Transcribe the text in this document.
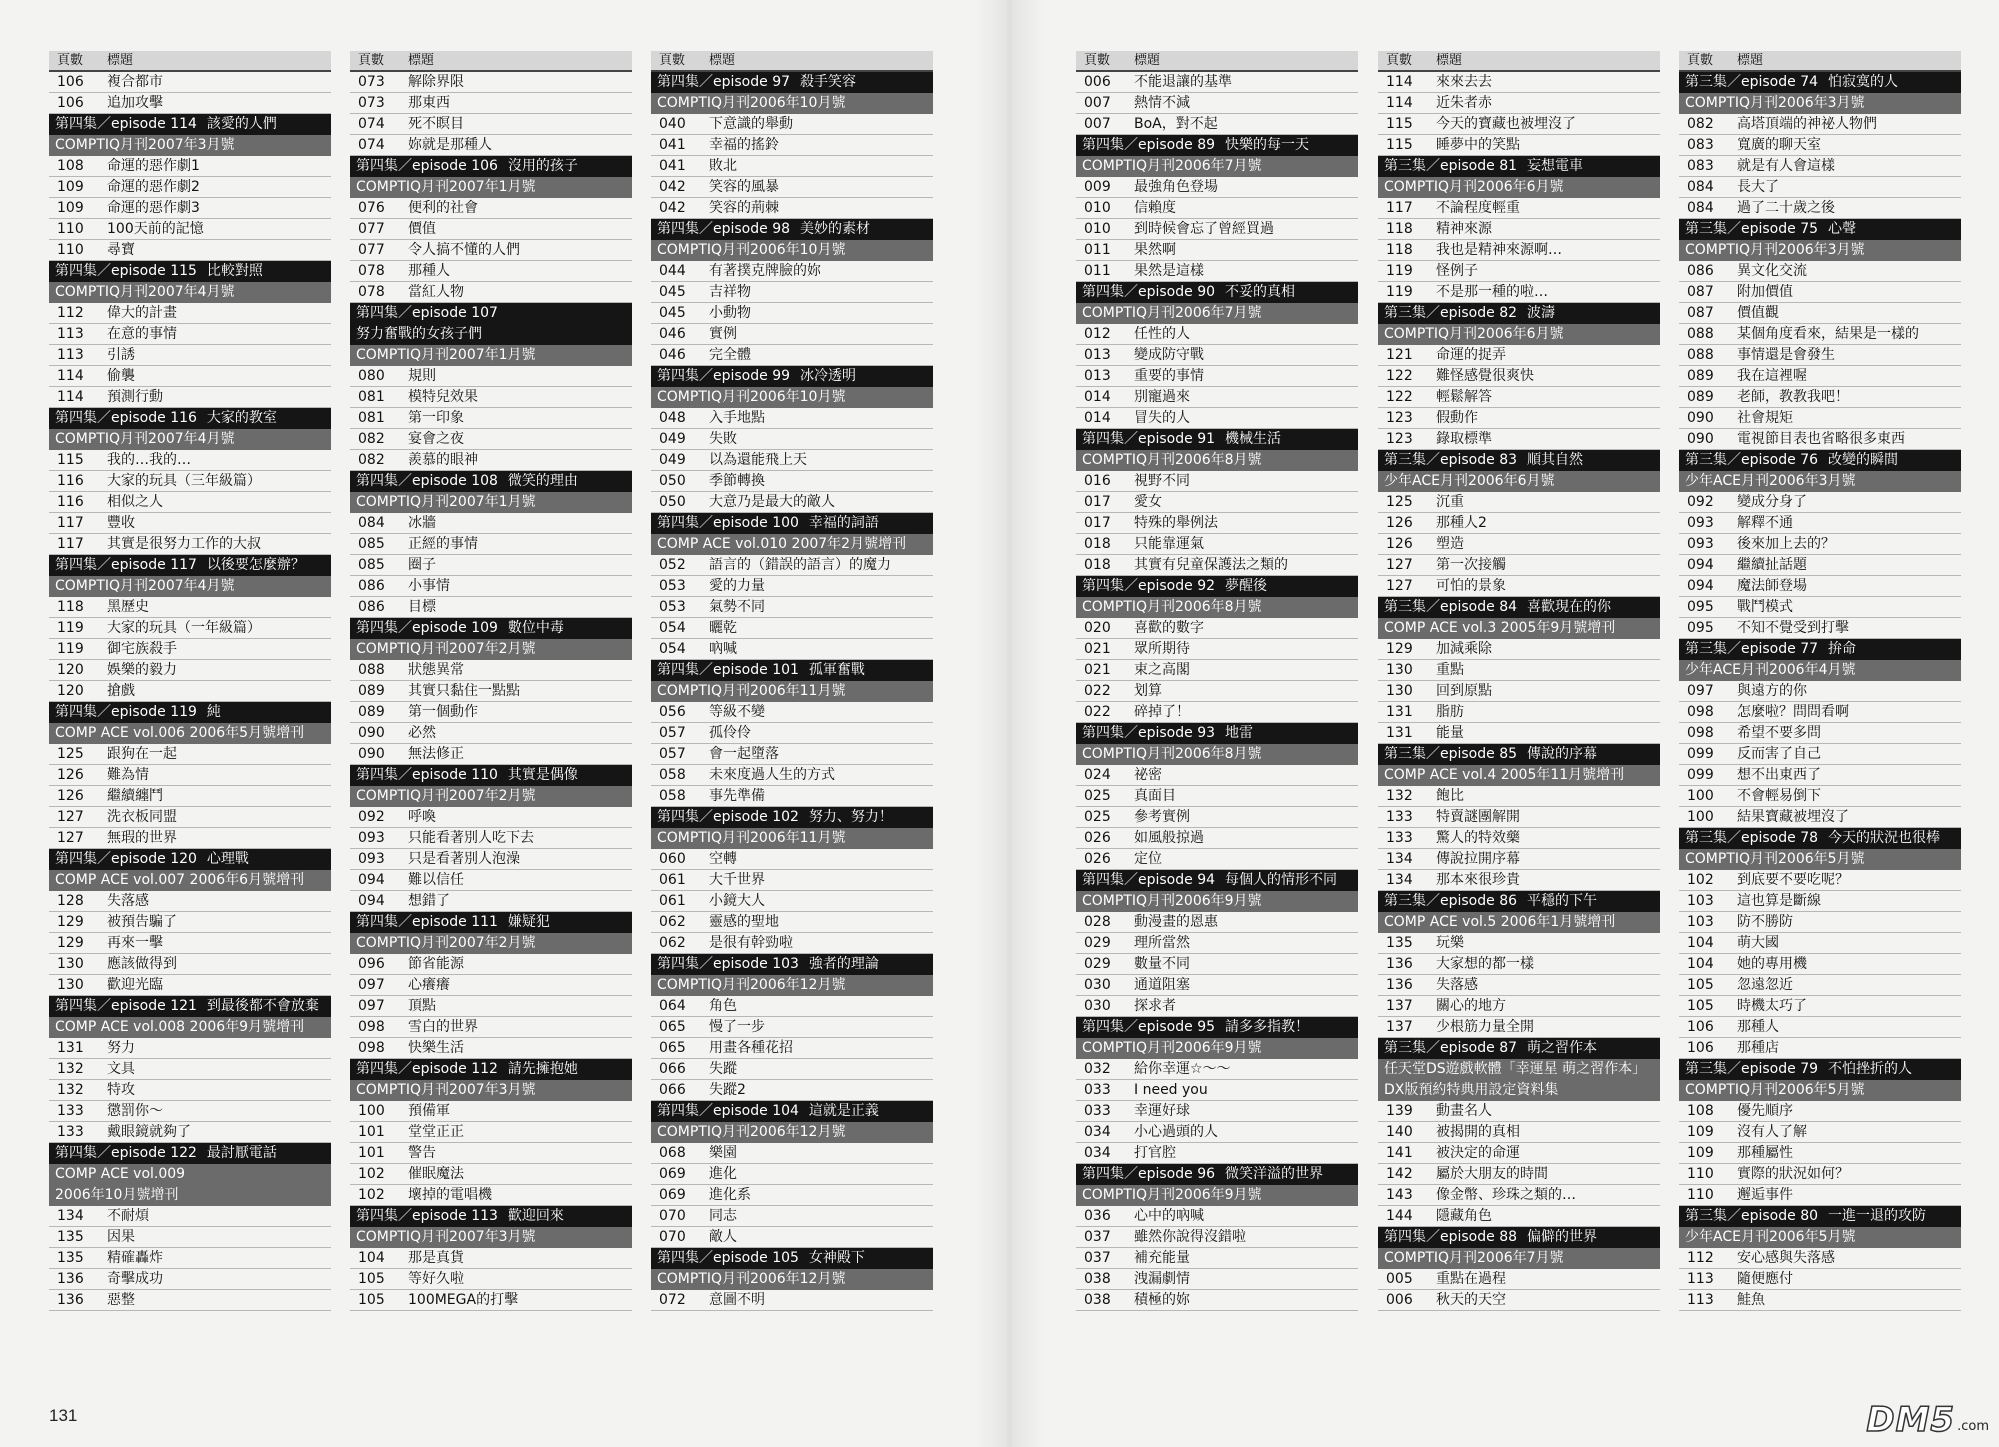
頁數	標題
106	複合都市
106	追加攻擊
第四集／episode 114 該愛的人們
COMPTIQ月刊2007年3月號
108	命運的惡作劇1
109	命運的惡作劇2
109	命運的惡作劇3
110	100天前的記憶
110	尋寶
第四集／episode 115 比較對照
COMPTIQ月刊2007年4月號
112	偉大的計畫
113	在意的事情
113	引誘
114	偷襲
114	預測行動
第四集／episode 116 大家的教室
COMPTIQ月刊2007年4月號
115	我的…我的…
116	大家的玩具（三年級篇）
116	相似之人
117	豐收
117	其實是很努力工作的大叔
第四集／episode 117 以後要怎麼辦？
COMPTIQ月刊2007年4月號
118	黑歷史
119	大家的玩具（一年級篇）
119	御宅族殺手
120	娛樂的毅力
120	搶戲
第四集／episode 119 純
COMP ACE vol.006 2006年5月號增刊
125	跟狗在一起
126	難為情
126	繼續纏鬥
127	洗衣板同盟
127	無瑕的世界
第四集／episode 120 心理戰
COMP ACE vol.007 2006年6月號增刊
128	失落感
129	被預告騙了
129	再來一擊
130	應該做得到
130	歡迎光臨
第四集／episode 121 到最後都不會放棄
COMP ACE vol.008 2006年9月號增刊
131	努力
132	文具
132	特攻
133	懲罰你～
133	戴眼鏡就夠了
第四集／episode 122 最討厭電話
COMP ACE vol.009
2006年10月號增刊
134	不耐煩
135	因果
135	精確轟炸
136	奇擊成功
136	惡整
頁數	標題
073	解除界限
073	那東西
074	死不瞑目
074	妳就是那種人
第四集／episode 106 沒用的孩子
COMPTIQ月刊2007年1月號
076	便利的社會
077	價值
077	令人搞不懂的人們
078	那種人
078	當紅人物
第四集／episode 107
努力奮戰的女孩子們
COMPTIQ月刊2007年1月號
080	規則
081	模特兒效果
081	第一印象
082	宴會之夜
082	羨慕的眼神
第四集／episode 108 微笑的理由
COMPTIQ月刊2007年1月號
084	冰牆
085	正經的事情
085	圈子
086	小事情
086	目標
第四集／episode 109 數位中毒
COMPTIQ月刊2007年2月號
088	狀態異常
089	其實只黏住一點點
089	第一個動作
090	必然
090	無法修正
第四集／episode 110 其實是偶像
COMPTIQ月刊2007年2月號
092	呼喚
093	只能看著別人吃下去
093	只是看著別人泡澡
094	難以信任
094	想錯了
第四集／episode 111 嫌疑犯
COMPTIQ月刊2007年2月號
096	節省能源
097	心癢癢
097	頂點
098	雪白的世界
098	快樂生活
第四集／episode 112 請先擁抱她
COMPTIQ月刊2007年3月號
100	預備軍
101	堂堂正正
101	警告
102	催眠魔法
102	壞掉的電唱機
第四集／episode 113 歡迎回來
COMPTIQ月刊2007年3月號
104	那是真貨
105	等好久啦
105	100MEGA的打擊
頁數	標題
第四集／episode 97 殺手笑容
COMPTIQ月刊2006年10月號
040	下意識的舉動
041	幸福的搖鈴
041	敗北
042	笑容的風暴
042	笑容的荊棘
第四集／episode 98 美妙的素材
COMPTIQ月刊2006年10月號
044	有著撲克牌臉的妳
045	吉祥物
045	小動物
046	實例
046	完全體
第四集／episode 99 冰冷透明
COMPTIQ月刊2006年10月號
048	入手地點
049	失敗
049	以為還能飛上天
050	季節轉換
050	大意乃是最大的敵人
第四集／episode 100 幸福的詞語
COMP ACE vol.010 2007年2月號增刊
052	語言的（錯誤的語言）的魔力
053	愛的力量
053	氣勢不同
054	曬乾
054	吶喊
第四集／episode 101 孤軍奮戰
COMPTIQ月刊2006年11月號
056	等級不變
057	孤伶伶
057	會一起墮落
058	未來度過人生的方式
058	事先準備
第四集／episode 102 努力、努力！
COMPTIQ月刊2006年11月號
060	空轉
061	大千世界
061	小鏡大人
062	靈感的聖地
062	是很有幹勁啦
第四集／episode 103 強者的理論
COMPTIQ月刊2006年12月號
064	角色
065	慢了一步
065	用畫各種花招
066	失蹤
066	失蹤2
第四集／episode 104 這就是正義
COMPTIQ月刊2006年12月號
068	樂園
069	進化
069	進化系
070	同志
070	敵人
第四集／episode 105 女神殿下
COMPTIQ月刊2006年12月號
072	意圖不明
頁數	標題
006	不能退讓的基準
007	熱情不減
007	BoA，對不起
第四集／episode 89 快樂的每一天
COMPTIQ月刊2006年7月號
009	最強角色登場
010	信賴度
010	到時候會忘了曾經買過
011	果然啊
011	果然是這樣
第四集／episode 90 不妥的真相
COMPTIQ月刊2006年7月號
012	任性的人
013	變成防守戰
013	重要的事情
014	別寵過來
014	冒失的人
第四集／episode 91 機械生活
COMPTIQ月刊2006年8月號
016	視野不同
017	愛女
017	特殊的舉例法
018	只能靠運氣
018	其實有兒童保護法之類的
第四集／episode 92 夢醒後
COMPTIQ月刊2006年8月號
020	喜歡的數字
021	眾所期待
021	束之高閣
022	划算
022	碎掉了！
第四集／episode 93 地雷
COMPTIQ月刊2006年8月號
024	祕密
025	真面目
025	參考實例
026	如風般掠過
026	定位
第四集／episode 94 每個人的情形不同
COMPTIQ月刊2006年9月號
028	動漫畫的恩惠
029	理所當然
029	數量不同
030	通道阻塞
030	探求者
第四集／episode 95 請多多指教！
COMPTIQ月刊2006年9月號
032	給你幸運☆～～
033	I need you
033	幸運好球
034	小心過頭的人
034	打官腔
第四集／episode 96 微笑洋溢的世界
COMPTIQ月刊2006年9月號
036	心中的吶喊
037	雖然你說得沒錯啦
037	補充能量
038	洩漏劇情
038	積極的妳
頁數	標題
114	來來去去
114	近朱者赤
115	今天的寶藏也被埋沒了
115	睡夢中的笑點
第三集／episode 81 妄想電車
COMPTIQ月刊2006年6月號
117	不論程度輕重
118	精神來源
118	我也是精神來源啊…
119	怪例子
119	不是那一種的啦…
第三集／episode 82 波濤
COMPTIQ月刊2006年6月號
121	命運的捉弄
122	難怪感覺很爽快
122	輕鬆解答
123	假動作
123	錄取標準
第三集／episode 83 順其自然
少年ACE月刊2006年6月號
125	沉重
126	那種人2
126	塑造
127	第一次接觸
127	可怕的景象
第三集／episode 84 喜歡現在的你
COMP ACE vol.3 2005年9月號增刊
129	加減乘除
130	重點
130	回到原點
131	脂肪
131	能量
第三集／episode 85 傳說的序幕
COMP ACE vol.4 2005年11月號增刊
132	飽比
133	特賣謎團解開
133	驚人的特效藥
134	傳說拉開序幕
134	那本來很珍貴
第三集／episode 86 平穩的下午
COMP ACE vol.5 2006年1月號增刊
135	玩樂
136	大家想的都一樣
136	失落感
137	關心的地方
137	少根筋力量全開
第三集／episode 87 萌之習作本
任天堂DS遊戲軟體「幸運星 萌之習作本」
DX版預約特典用設定資料集
139	動畫名人
140	被揭開的真相
141	被決定的命運
142	屬於大朋友的時間
143	像金幣、珍珠之類的…
144	隱藏角色
第四集／episode 88 偏僻的世界
COMPTIQ月刊2006年7月號
005	重點在過程
006	秋天的天空
頁數	標題
第三集／episode 74 怕寂寞的人
COMPTIQ月刊2006年3月號
082	高塔頂端的神祕人物們
083	寬廣的聊天室
083	就是有人會這樣
084	長大了
084	過了二十歲之後
第三集／episode 75 心聲
COMPTIQ月刊2006年3月號
086	異文化交流
087	附加價值
087	價值觀
088	某個角度看來，結果是一樣的
088	事情還是會發生
089	我在這裡喔
089	老師，教教我吧！
090	社會規矩
090	電視節目表也省略很多東西
第三集／episode 76 改變的瞬間
少年ACE月刊2006年3月號
092	變成分身了
093	解釋不通
093	後來加上去的？
094	繼續扯話題
094	魔法師登場
095	戰鬥模式
095	不知不覺受到打擊
第三集／episode 77 拚命
少年ACE月刊2006年4月號
097	與遠方的你
098	怎麼啦？問問看啊
098	希望不要多問
099	反而害了自己
099	想不出東西了
100	不會輕易倒下
100	結果寶藏被埋沒了
第三集／episode 78 今天的狀況也很棒
COMPTIQ月刊2006年5月號
102	到底要不要吃呢？
103	這也算是斷線
103	防不勝防
104	萌大國
104	她的專用機
105	忽遠忽近
105	時機太巧了
106	那種人
106	那種店
第三集／episode 79 不怕挫折的人
COMPTIQ月刊2006年5月號
108	優先順序
109	沒有人了解
109	那種屬性
110	實際的狀況如何？
110	邂逅事件
第三集／episode 80 一進一退的攻防
少年ACE月刊2006年5月號
112	安心感與失落感
113	隨便應付
113	鮭魚
131	DM5 .com
